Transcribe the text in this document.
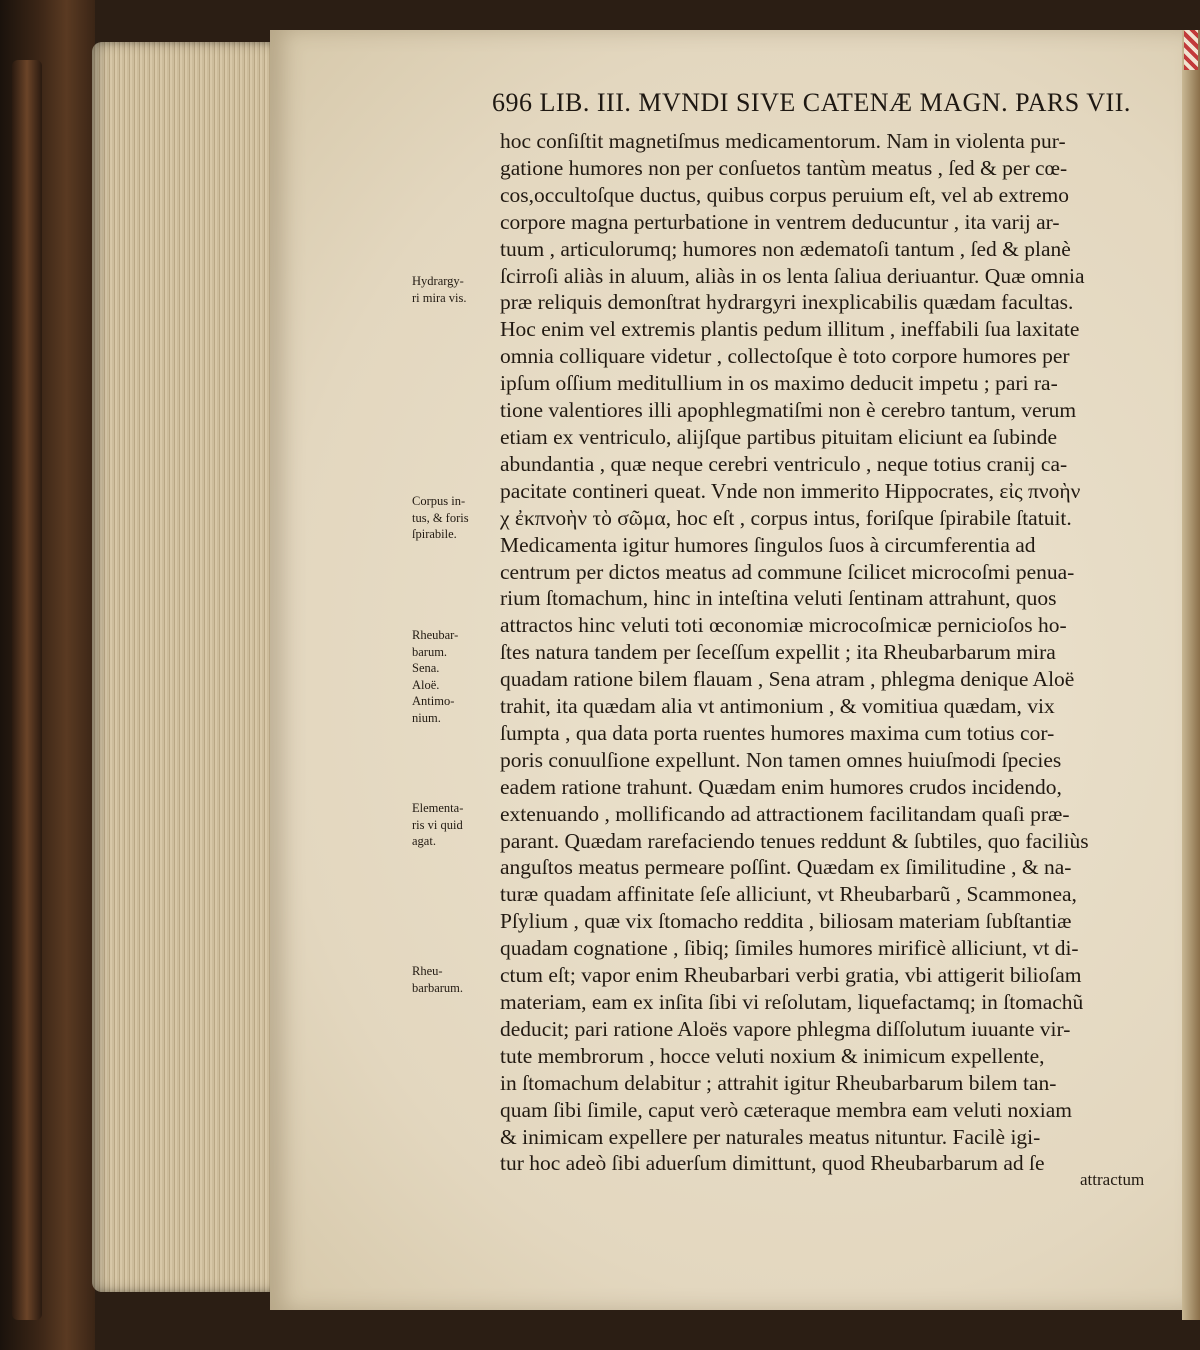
696 LIB. III. MVNDI SIVE CATENÆ MAGN. PARS VII.
hoc conſiſtit magnetiſmus medicamentorum. Nam in violenta pur-
gatione humores non per conſuetos tantùm meatus , ſed & per cœ-
cos,occultoſque ductus, quibus corpus peruium eſt, vel ab extremo
corpore magna perturbatione in ventrem deducuntur , ita varij ar-
tuum , articulorumq; humores non ædematoſi tantum , ſed & planè
ſcirroſi aliàs in aluum, aliàs in os lenta ſaliua deriuantur. Quæ omnia
præ reliquis demonſtrat hydrargyri inexplicabilis quædam facultas.
Hoc enim vel extremis plantis pedum illitum , ineffabili ſua laxitate
omnia colliquare videtur , collectoſque è toto corpore humores per
ipſum oſſium meditullium in os maximo deducit impetu ; pari ra-
tione valentiores illi apophlegmatiſmi non è cerebro tantum, verum
etiam ex ventriculo, alijſque partibus pituitam eliciunt ea ſubinde
abundantia , quæ neque cerebri ventriculo , neque totius cranij ca-
pacitate contineri queat. Vnde non immerito Hippocrates, εἰς πνοὴν
χ ἐκπνοὴν τὸ σῶμα, hoc eſt , corpus intus, foriſque ſpirabile ſtatuit.
Medicamenta igitur humores ſingulos ſuos à circumferentia ad
centrum per dictos meatus ad commune ſcilicet microcoſmi penua-
rium ſtomachum, hinc in inteſtina veluti ſentinam attrahunt, quos
attractos hinc veluti toti œconomiæ microcoſmicæ pernicioſos ho-
ſtes natura tandem per ſeceſſum expellit ; ita Rheubarbarum mira
quadam ratione bilem flauam , Sena atram , phlegma denique Aloë
trahit, ita quædam alia vt antimonium , & vomitiua quædam, vix
ſumpta , qua data porta ruentes humores maxima cum totius cor-
poris conuulſione expellunt. Non tamen omnes huiuſmodi ſpecies
eadem ratione trahunt. Quædam enim humores crudos incidendo,
extenuando , mollificando ad attractionem facilitandam quaſi præ-
parant. Quædam rarefaciendo tenues reddunt & ſubtiles, quo faciliùs
anguſtos meatus permeare poſſint. Quædam ex ſimilitudine , & na-
turæ quadam affinitate ſeſe alliciunt, vt Rheubarbarũ , Scammonea,
Pſylium , quæ vix ſtomacho reddita , biliosam materiam ſubſtantiæ
quadam cognatione , ſibiq; ſimiles humores mirificè alliciunt, vt di-
ctum eſt; vapor enim Rheubarbari verbi gratia, vbi attigerit bilioſam
materiam, eam ex inſita ſibi vi reſolutam, liquefactamq; in ſtomachũ
deducit; pari ratione Aloës vapore phlegma diſſolutum iuuante vir-
tute membrorum , hocce veluti noxium & inimicum expellente,
in ſtomachum delabitur ; attrahit igitur Rheubarbarum bilem tan-
quam ſibi ſimile, caput verò cæteraque membra eam veluti noxiam
& inimicam expellere per naturales meatus nituntur. Facilè igi-
tur hoc adeò ſibi aduerſum dimittunt, quod Rheubarbarum ad ſe
attractum
Hydrargy-
ri mira vis.
Corpus in-
tus, & foris
ſpirabile.
Rheubar-
barum.
Sena.
Aloë.
Antimo-
nium.
Elementa-
ris vi quid
agat.
Rheu-
barbarum.
